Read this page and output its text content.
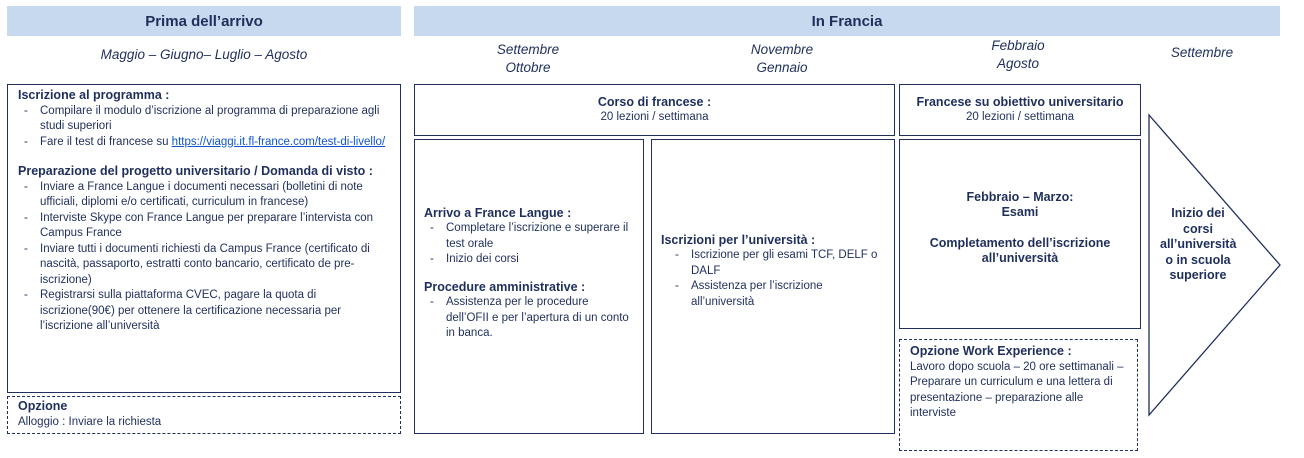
Prima dell’arrivo	In Francia
Maggio – Giugno– Luglio – Agosto	Settembre
Ottobre
Novembre
Gennaio
Febbraio
Agosto
Settembre
Iscrizione al programma :
- Compilare il modulo d’iscrizione al programma di preparazione agli studi superiori
- Fare il test di francese su https://viaggi.it.fl-france.com/test-di-livello/
Preparazione del progetto universitario / Domanda di visto :
- Inviare a France Langue i documenti necessari (bolletini di note ufficiali, diplomi e/o certificati, curriculum in francese)
- Interviste Skype con France Langue per preparare l’intervista con Campus France
- Inviare tutti i documenti richiesti da Campus France (certificato di nascità, passaporto, estratti conto bancario, certificato de pre-iscrizione)
- Registrarsi sulla piattaforma CVEC, pagare la quota di iscrizione(90€) per ottenere la certificazione necessaria per l’iscrizione all’università
Opzione
Alloggio : Inviare la richiesta
Corso di francese :
20 lezioni / settimana
Francese su obiettivo universitario
20 lezioni / settimana
Arrivo a France Langue :
- Completare l’iscrizione e superare il test orale
- Inizio dei corsi
Procedure amministrative :
- Assistenza per le procedure dell’OFII e per l’apertura di un conto in banca.
Iscrizioni per l’università :
- Iscrizione per gli esami TCF, DELF o DALF
- Assistenza per l’iscrizione all’università
Febbraio – Marzo:
Esami
Completamento dell’iscrizione all’università
Opzione Work Experience :
Lavoro dopo scuola – 20 ore settimanali –
Preparare un curriculum e una lettera di presentazione – preparazione alle interviste
Inizio dei corsi
all’università
o in scuola superiore
